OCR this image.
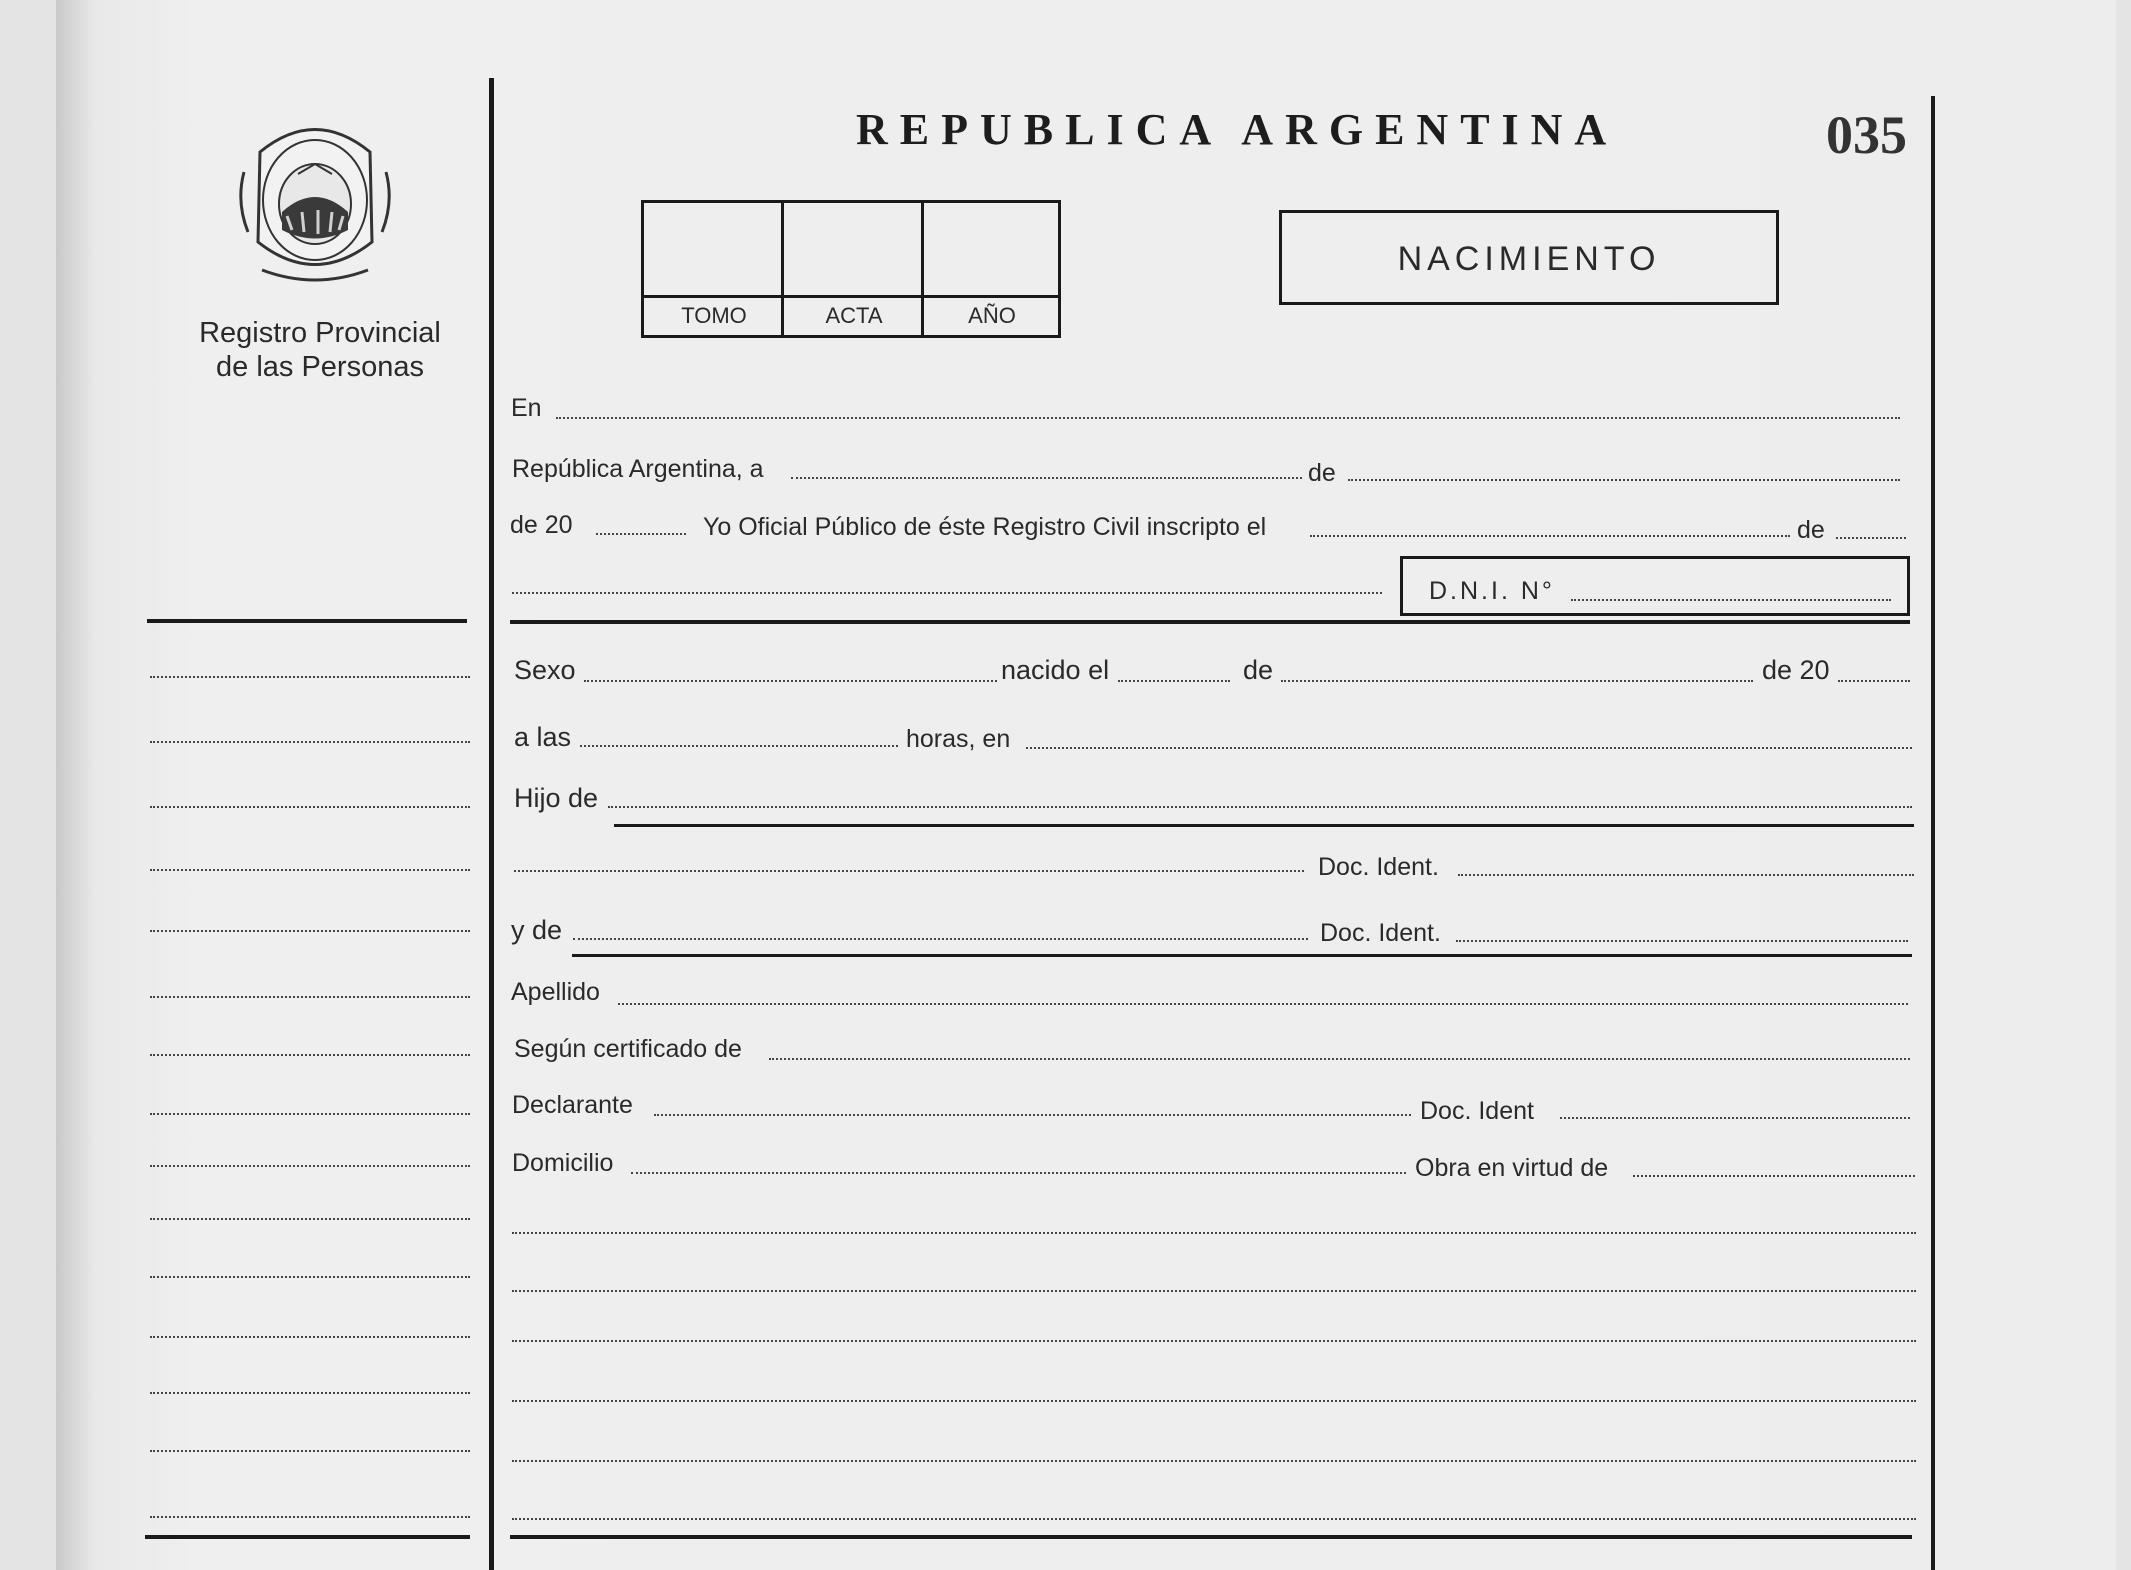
Registro Provincial
de las Personas
REPUBLICA ARGENTINA	035
TOMO	ACTA	AÑO
NACIMIENTO
En
República Argentina, a	de
de 20	Yo Oficial Público de éste Registro Civil inscripto el	de
D.N.I. N°
Sexo	nacido el	de	de 20
a las	horas, en
Hijo de
Doc. Ident.
y de	Doc. Ident.
Apellido
Según certificado de
Declarante	Doc. Ident
Domicilio	Obra en virtud de
